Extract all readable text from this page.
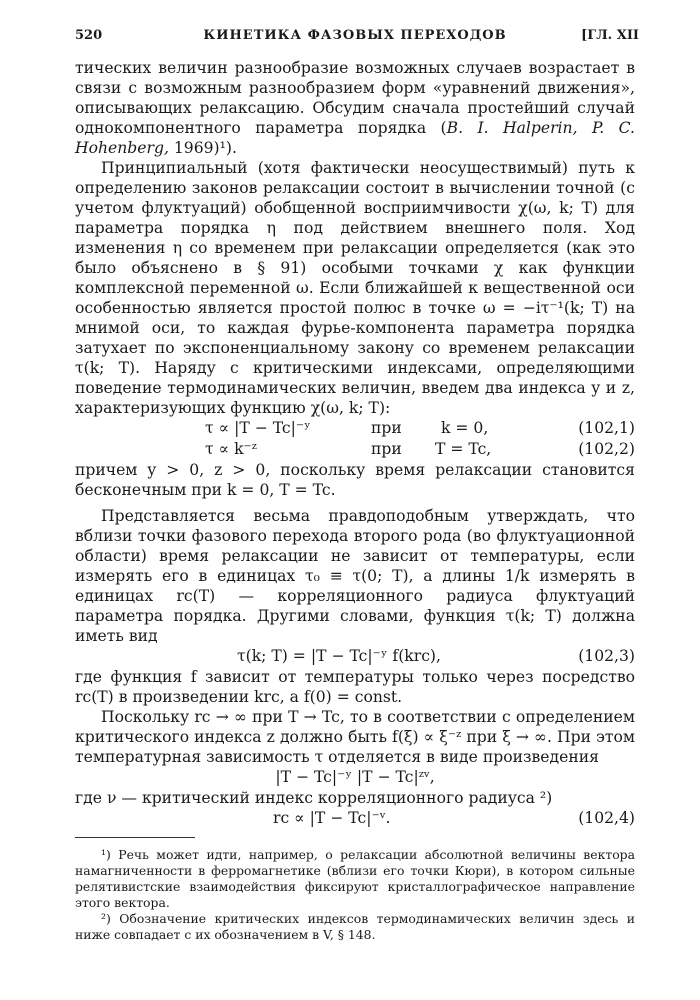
520	КИНЕТИКА ФАЗОВЫХ ПЕРЕХОДОВ	[ГЛ. XII

тических величин разнообразие возможных случаев возрастает в связи с возможным разнообразием форм «уравнений движения», описывающих релаксацию. Обсудим сначала простейший случай однокомпонентного параметра порядка (B. I. Halperin, P. C. Hohenberg, 1969)¹).

Принципиальный (хотя фактически неосуществимый) путь к определению законов релаксации состоит в вычислении точной (с учетом флуктуаций) обобщенной восприимчивости χ(ω, k; T) для параметра порядка η под действием внешнего поля. Ход изменения η со временем при релаксации определяется (как это было объяснено в § 91) особыми точками χ как функции комплексной переменной ω. Если ближайшей к вещественной оси особенностью является простой полюс в точке ω = −iτ⁻¹(k; T) на мнимой оси, то каждая фурье-компонента параметра порядка затухает по экспоненциальному закону со временем релаксации τ(k; T). Наряду с критическими индексами, определяющими поведение термодинамических величин, введем два индекса y и z, характеризующих функцию χ(ω, k; T):

τ ∝ |T − Tc|⁻ʸ	при	k = 0,	(102,1)
τ ∝ k⁻ᶻ	при T = Tc,	(102,2)

причем y > 0, z > 0, поскольку время релаксации становится бесконечным при k = 0, T = Tc.

Представляется весьма правдоподобным утверждать, что вблизи точки фазового перехода второго рода (во флуктуационной области) время релаксации не зависит от температуры, если измерять его в единицах τ₀ ≡ τ(0; T), а длины 1/k измерять в единицах rc(T) — корреляционного радиуса флуктуаций параметра порядка. Другими словами, функция τ(k; T) должна иметь вид

τ(k; T) = |T − Tc|⁻ʸ f(krc),	(102,3)

где функция f зависит от температуры только через посредство rc(T) в произведении krc, а f(0) = const.

Поскольку rc → ∞ при T → Tc, то в соответствии с определением критического индекса z должно быть f(ξ) ∝ ξ⁻ᶻ при ξ → ∞. При этом температурная зависимость τ отделяется в виде произведения

|T − Tc|⁻ʸ |T − Tc|ᶻᵛ,

где ν — критический индекс корреляционного радиуса ²)

rc ∝ |T − Tc|⁻ᵛ.	(102,4)

¹) Речь может идти, например, о релаксации абсолютной величины вектора намагниченности в ферромагнетике (вблизи его точки Кюри), в котором сильные релятивистские взаимодействия фиксируют кристаллографическое направление этого вектора.

²) Обозначение критических индексов термодинамических величин здесь и ниже совпадает с их обозначением в V, § 148.
